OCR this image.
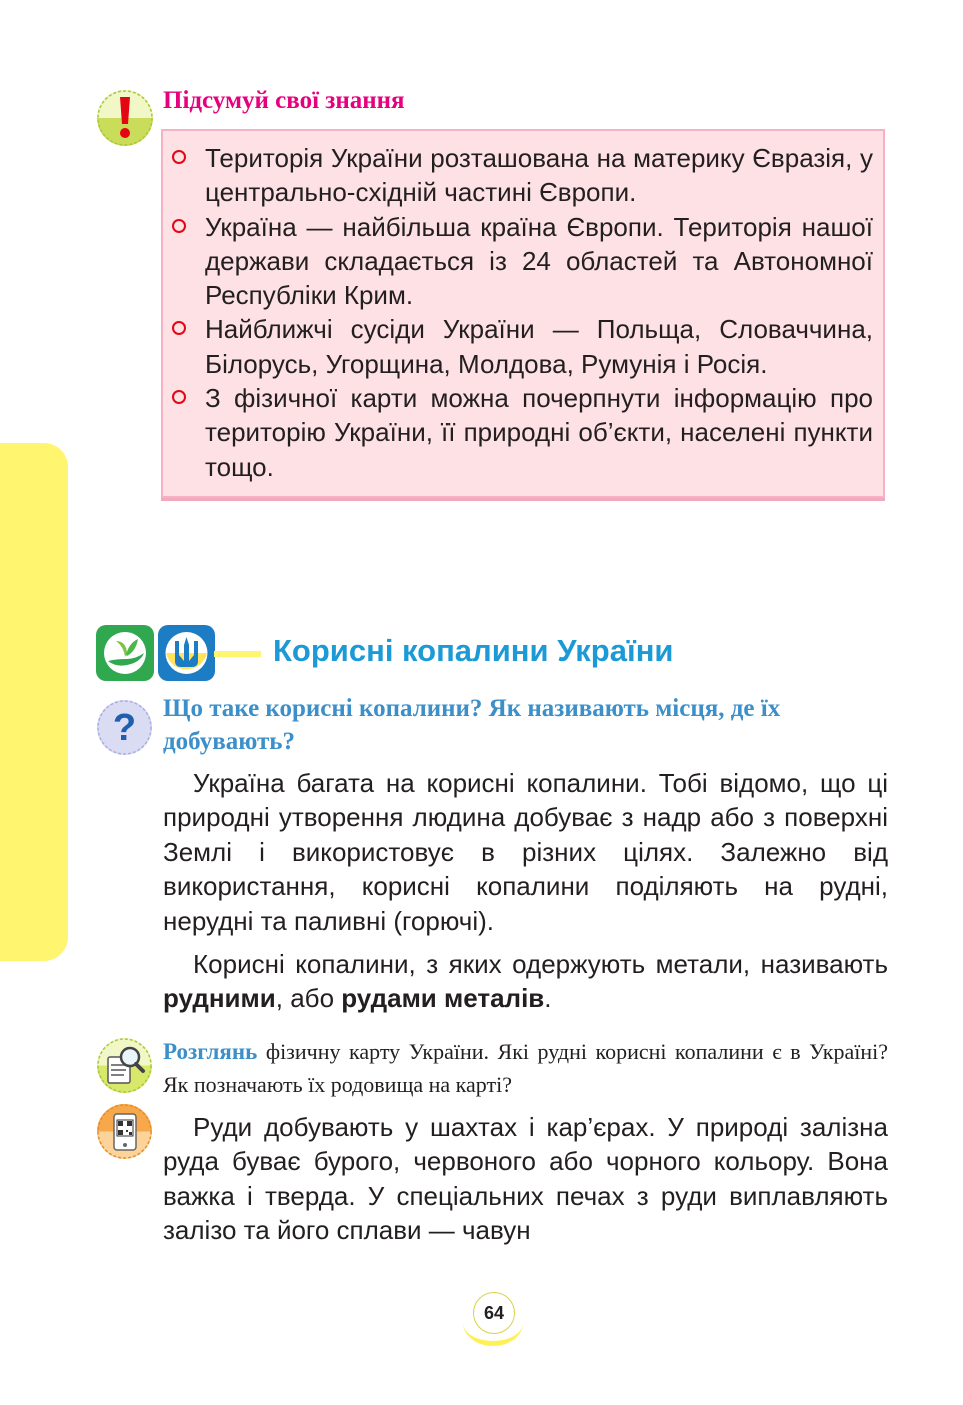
Підсумуй свої знання
Територія України розташована на материку Євразія, у центрально-східній частині Європи.
Україна — найбільша країна Європи. Територія нашої держави складається із 24 областей та Автономної Республіки Крим.
Найближчі сусіди України — Польща, Словаччина, Білорусь, Угорщина, Молдова, Румунія і Росія.
З фізичної карти можна почерпнути інформацію про територію України, її природні об’єкти, населені пункти тощо.
Корисні копалини України
? Що таке корисні копалини? Як називають місця, де їх добувають?

Україна багата на корисні копалини. Тобі відомо, що ці природні утворення людина добуває з надр або з поверхні Землі і використовує в різних цілях. Залежно від використання, корисні копалини поділяють на рудні, нерудні та паливні (горючі).

Корисні копалини, з яких одержують метали, називають рудними, або рудами металів.

Розглянь фізичну карту України. Які рудні корисні копалини є в Україні? Як позначають їх родовища на карті?

Руди добувають у шахтах і кар’єрах. У природі залізна руда буває бурого, червоного або чорного кольору. Вона важка і тверда. У спеціальних печах з руди виплавляють залізо та його сплави — чавун

64
